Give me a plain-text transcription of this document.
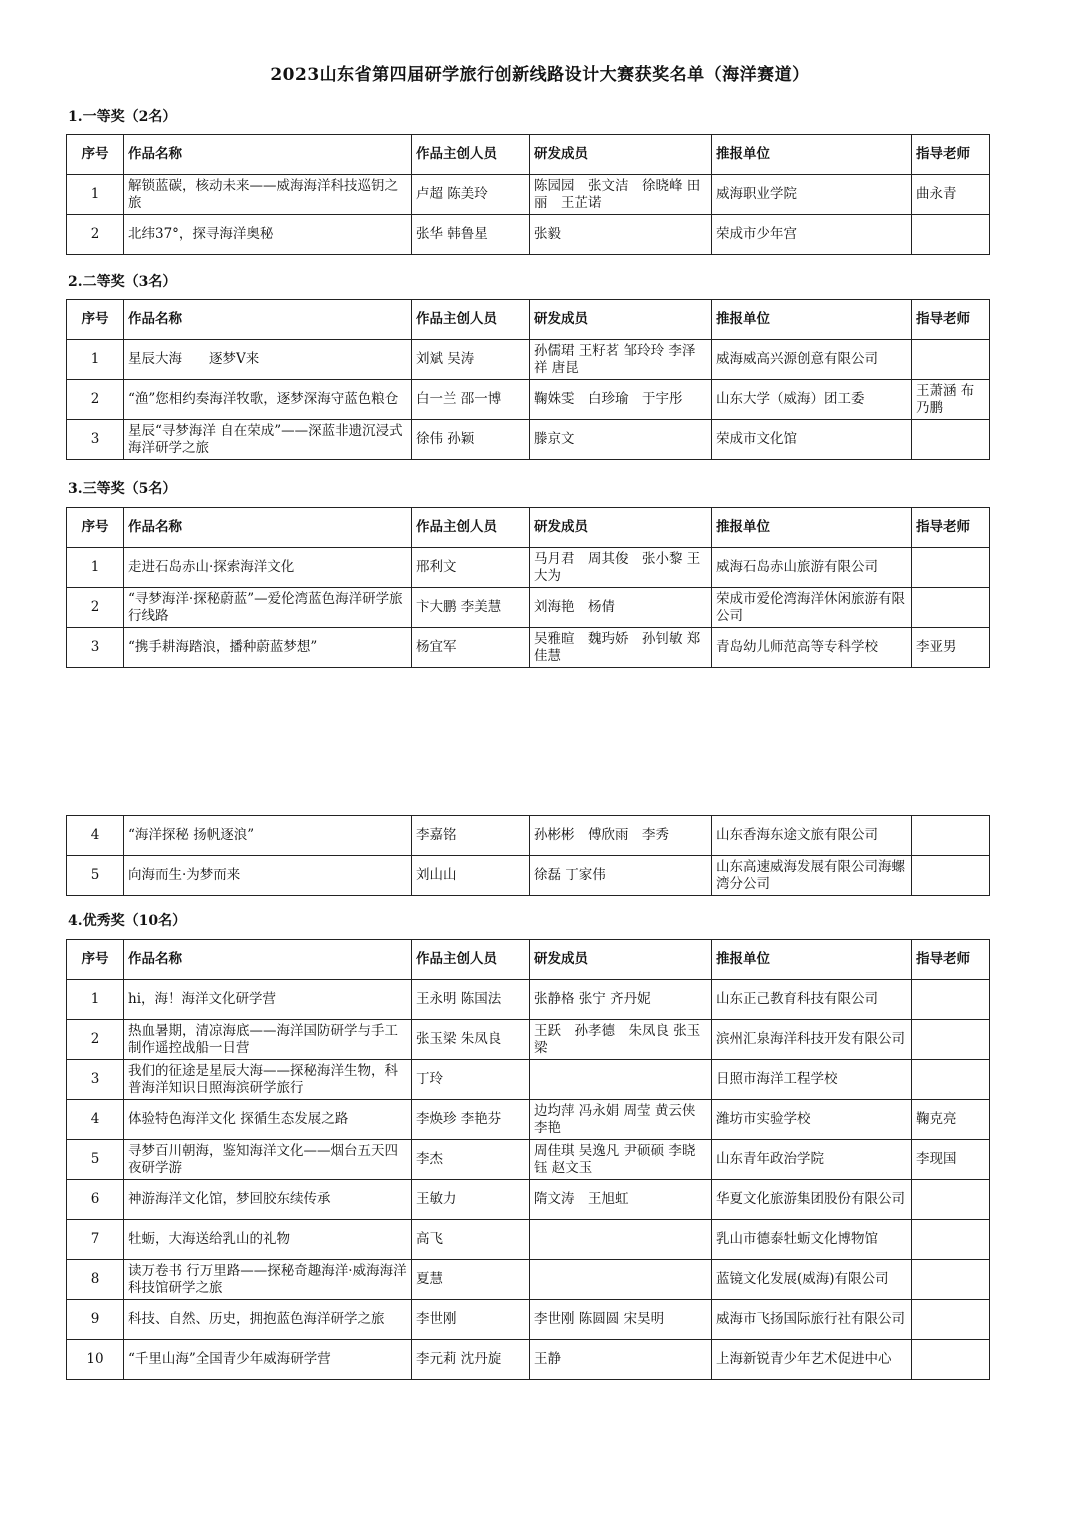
2023山东省第四届研学旅行创新线路设计大赛获奖名单（海洋赛道）
1.一等奖（2名）
序号	作品名称	作品主创人员	研发成员	推报单位	指导老师
1	解锁蓝碳，核动未来——威海海洋科技巡钥之旅	卢超 陈美玲	陈园园　张文洁　徐晓峰 田丽　王芷诺	威海职业学院	曲永青
2	北纬37°，探寻海洋奥秘	张华 韩鲁星	张毅	荣成市少年宫	
2.二等奖（3名）
序号	作品名称	作品主创人员	研发成员	推报单位	指导老师
1	星辰大海　　逐梦V来	刘斌 吴涛	孙儒珺 王籽茗 邹玲玲 李泽祥 唐昆	威海威高兴源创意有限公司	
2	“渔”您相约奏海洋牧歌，逐梦深海守蓝色粮仓	白一兰 邵一博	鞠姝雯　白珍瑜　于宇彤	山东大学（威海）团工委	王萧涵 布乃鹏
3	星辰“寻梦海洋 自在荣成”——深蓝非遗沉浸式海洋研学之旅	徐伟 孙颖	滕京文	荣成市文化馆	
3.三等奖（5名）
序号	作品名称	作品主创人员	研发成员	推报单位	指导老师
1	走进石岛赤山·探索海洋文化	邢利文	马月君　周其俊　张小黎 王大为	威海石岛赤山旅游有限公司	
2	“寻梦海洋·探秘蔚蓝”—爱伦湾蓝色海洋研学旅行线路	卞大鹏 李美慧	刘海艳　杨倩	荣成市爱伦湾海洋休闲旅游有限公司	
3	“携手耕海踏浪，播种蔚蓝梦想”	杨宜军	吴雅暄　魏玙娇　孙钊敏 郑佳慧	青岛幼儿师范高等专科学校	李亚男
4	“海洋探秘 扬帆逐浪”	李嘉铭	孙彬彬　傅欣雨　李秀	山东香海东途文旅有限公司	
5	向海而生·为梦而来	刘山山	徐磊 丁家伟	山东高速威海发展有限公司海螺湾分公司	
4.优秀奖（10名）
序号	作品名称	作品主创人员	研发成员	推报单位	指导老师
1	hi，海！海洋文化研学营	王永明 陈国法	张静格 张宁 齐丹妮	山东正己教育科技有限公司	
2	热血暑期，清凉海底——海洋国防研学与手工制作遥控战船一日营	张玉梁 朱凤良	王跃　孙孝德　朱凤良 张玉梁	滨州汇泉海洋科技开发有限公司	
3	我们的征途是星辰大海——探秘海洋生物，科普海洋知识日照海滨研学旅行	丁玲		日照市海洋工程学校	
4	体验特色海洋文化 探循生态发展之路	李焕珍 李艳芬	边均萍 冯永娟 周莹 黄云侠 李艳	潍坊市实验学校	鞠克亮
5	寻梦百川朝海，鉴知海洋文化——烟台五天四夜研学游	李杰	周佳琪 吴逸凡 尹硕硕 李晓钰 赵文玉	山东青年政治学院	李现国
6	神游海洋文化馆，梦回胶东续传承	王敏力	隋文涛　王旭虹	华夏文化旅游集团股份有限公司	
7	牡蛎，大海送给乳山的礼物	高飞		乳山市德泰牡蛎文化博物馆	
8	读万卷书 行万里路——探秘奇趣海洋·威海海洋科技馆研学之旅	夏慧		蓝镜文化发展(威海)有限公司	
9	科技、自然、历史，拥抱蓝色海洋研学之旅	李世刚	李世刚 陈圆圆 宋昊明	威海市飞扬国际旅行社有限公司	
10	“千里山海”全国青少年威海研学营	李元莉 沈丹旋	王静	上海新锐青少年艺术促进中心	
